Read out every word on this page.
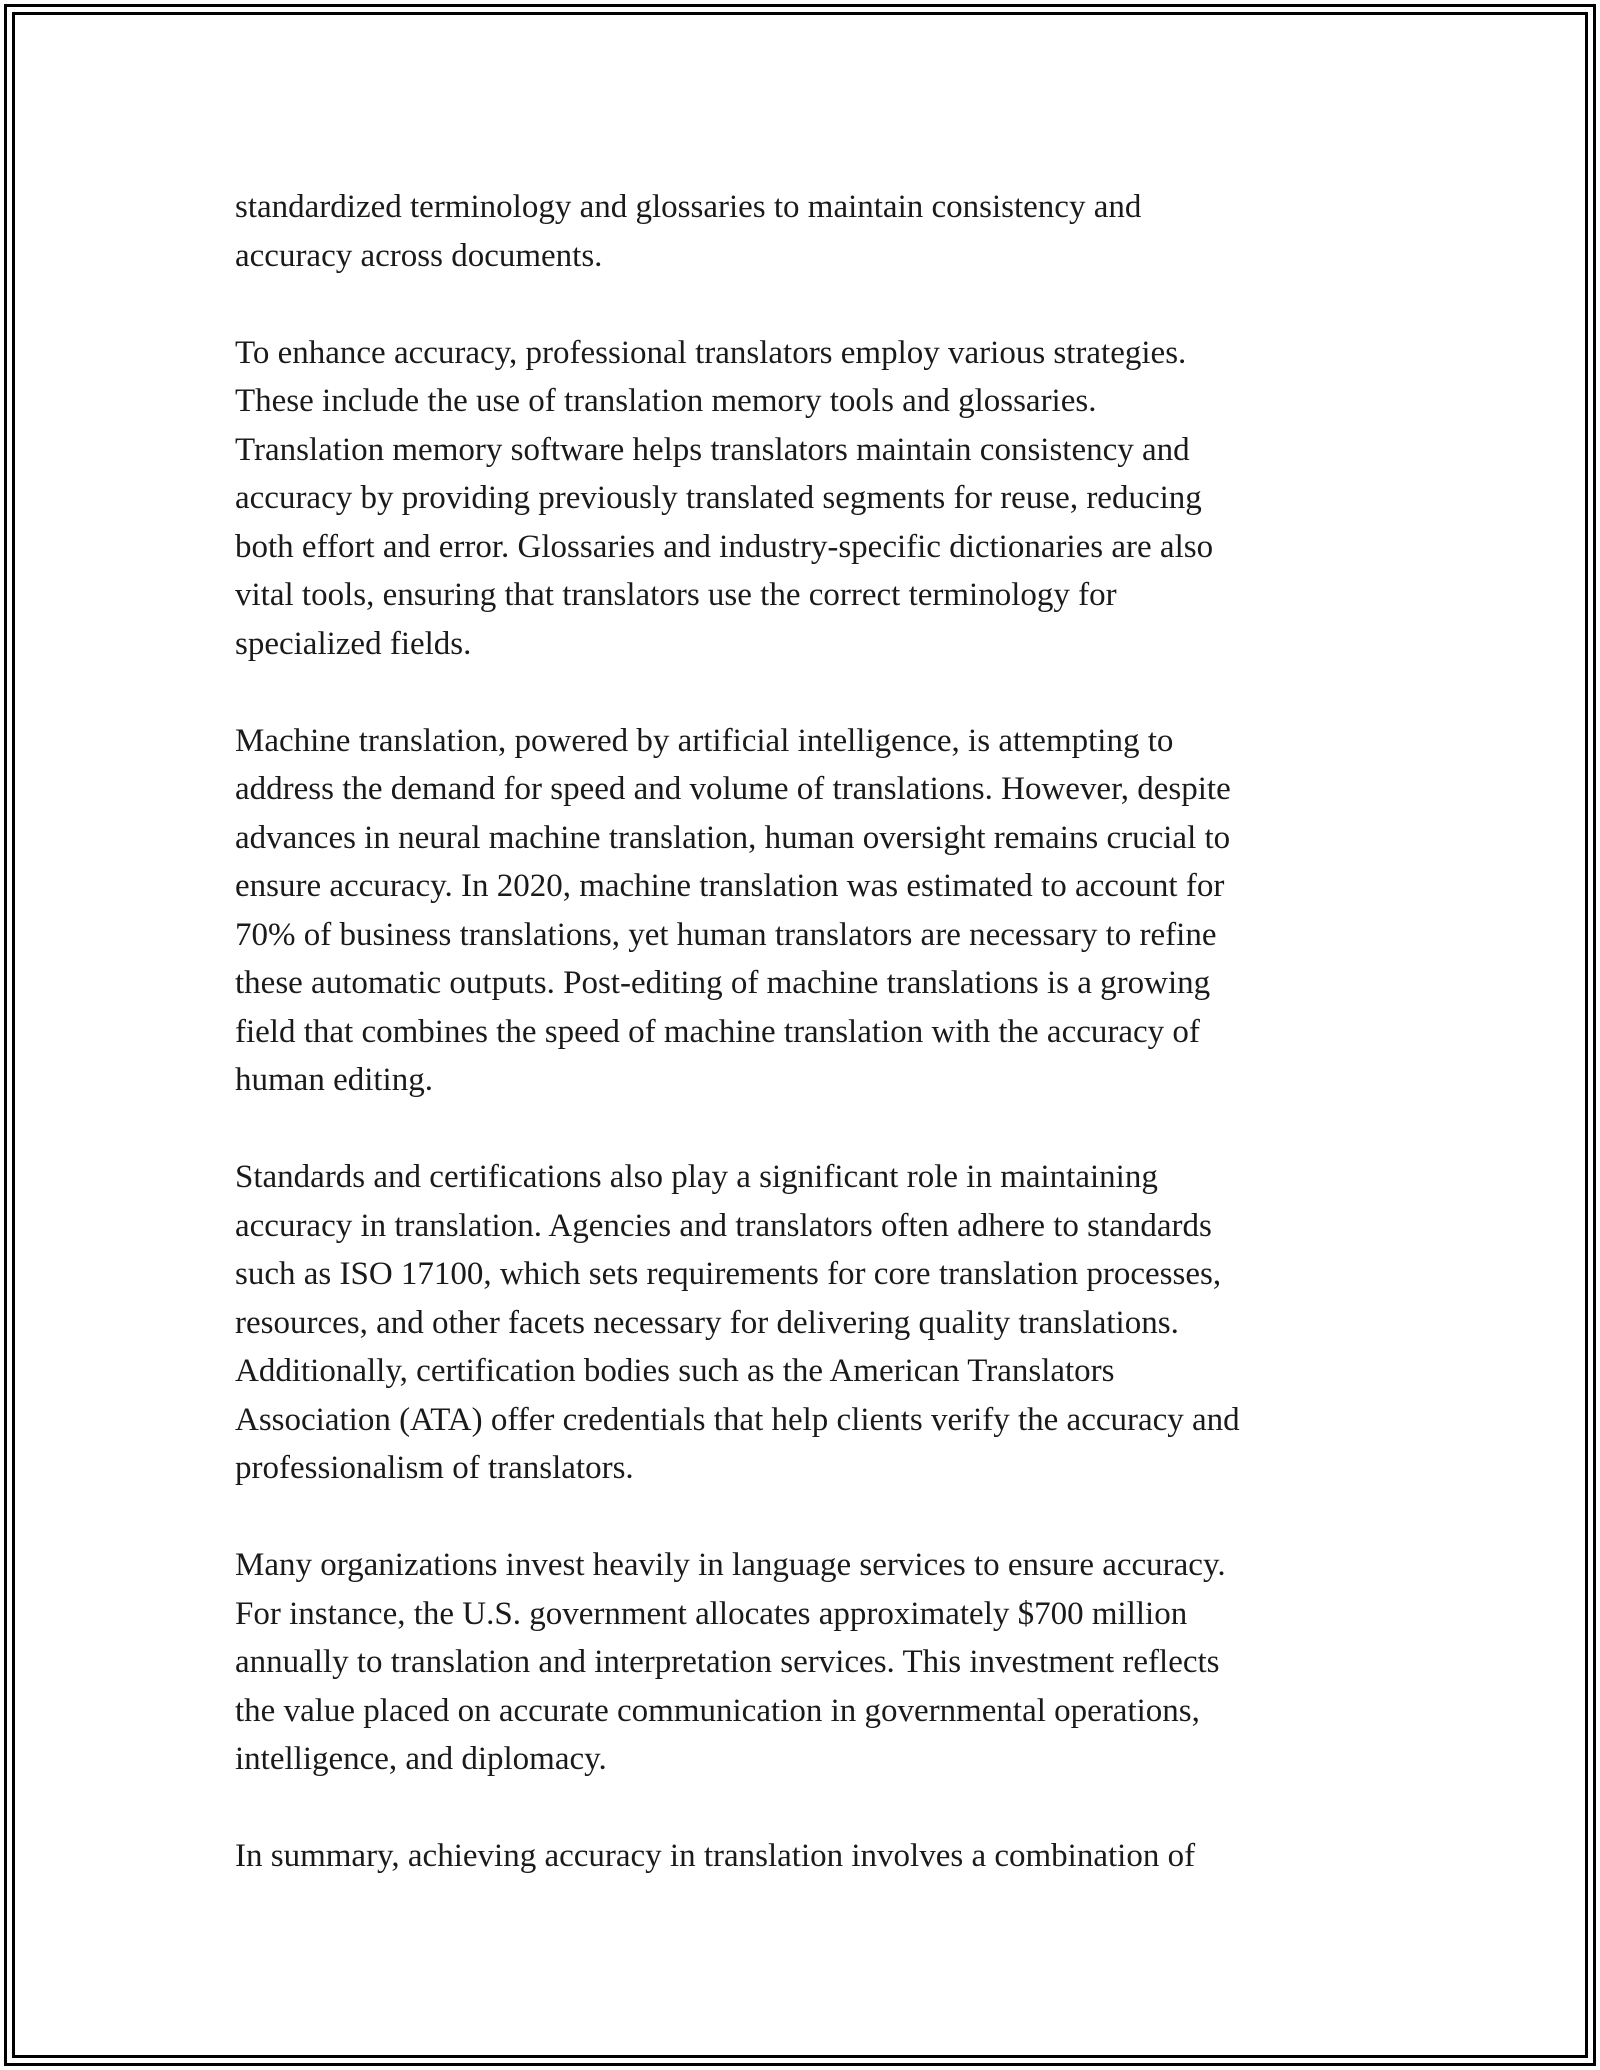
standardized terminology and glossaries to maintain consistency and
accuracy across documents.

To enhance accuracy, professional translators employ various strategies.
These include the use of translation memory tools and glossaries.
Translation memory software helps translators maintain consistency and
accuracy by providing previously translated segments for reuse, reducing
both effort and error. Glossaries and industry-specific dictionaries are also
vital tools, ensuring that translators use the correct terminology for
specialized fields.

Machine translation, powered by artificial intelligence, is attempting to
address the demand for speed and volume of translations. However, despite
advances in neural machine translation, human oversight remains crucial to
ensure accuracy. In 2020, machine translation was estimated to account for
70% of business translations, yet human translators are necessary to refine
these automatic outputs. Post-editing of machine translations is a growing
field that combines the speed of machine translation with the accuracy of
human editing.

Standards and certifications also play a significant role in maintaining
accuracy in translation. Agencies and translators often adhere to standards
such as ISO 17100, which sets requirements for core translation processes,
resources, and other facets necessary for delivering quality translations.
Additionally, certification bodies such as the American Translators
Association (ATA) offer credentials that help clients verify the accuracy and
professionalism of translators.

Many organizations invest heavily in language services to ensure accuracy.
For instance, the U.S. government allocates approximately $700 million
annually to translation and interpretation services. This investment reflects
the value placed on accurate communication in governmental operations,
intelligence, and diplomacy.

In summary, achieving accuracy in translation involves a combination of
